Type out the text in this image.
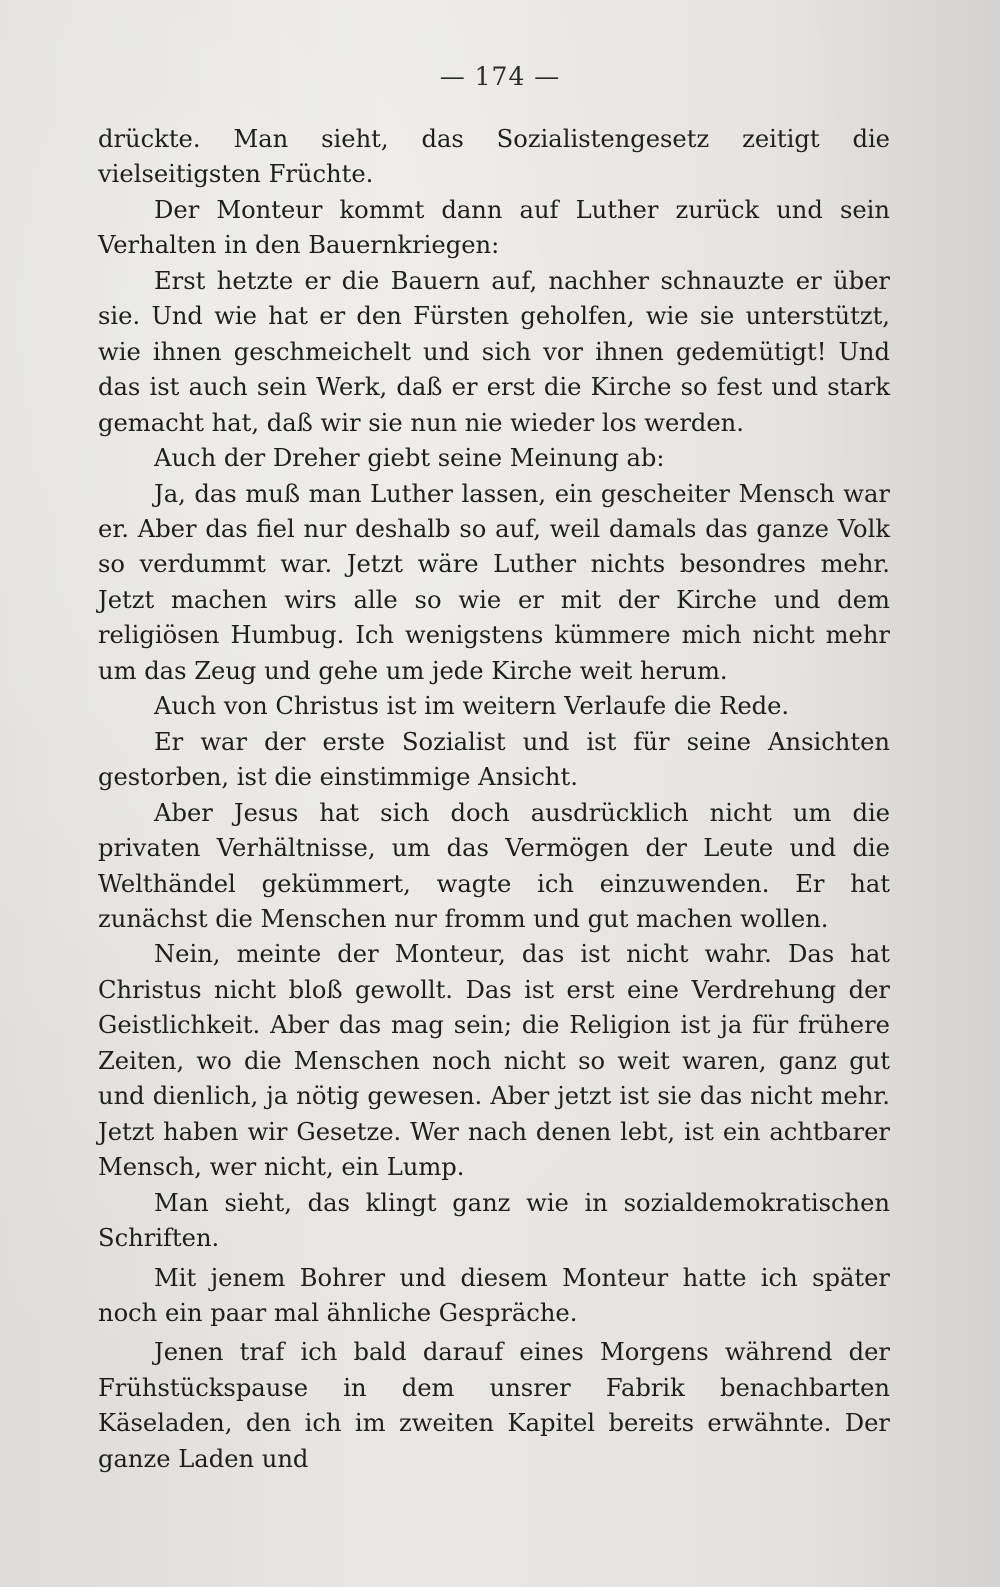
— 174 —

drückte. Man sieht, das Sozialistengesetz zeitigt die vielseitigsten Früchte.

Der Monteur kommt dann auf Luther zurück und sein Verhalten in den Bauernkriegen:

Erst hetzte er die Bauern auf, nachher schnauzte er über sie. Und wie hat er den Fürsten geholfen, wie sie unterstützt, wie ihnen geschmeichelt und sich vor ihnen gedemütigt! Und das ist auch sein Werk, daß er erst die Kirche so fest und stark gemacht hat, daß wir sie nun nie wieder los werden.

Auch der Dreher giebt seine Meinung ab:

Ja, das muß man Luther lassen, ein gescheiter Mensch war er. Aber das fiel nur deshalb so auf, weil damals das ganze Volk so verdummt war. Jetzt wäre Luther nichts besondres mehr. Jetzt machen wirs alle so wie er mit der Kirche und dem religiösen Humbug. Ich wenigstens kümmere mich nicht mehr um das Zeug und gehe um jede Kirche weit herum.

Auch von Christus ist im weitern Verlaufe die Rede.

Er war der erste Sozialist und ist für seine Ansichten gestorben, ist die einstimmige Ansicht.

Aber Jesus hat sich doch ausdrücklich nicht um die privaten Verhältnisse, um das Vermögen der Leute und die Welthändel gekümmert, wagte ich einzuwenden. Er hat zunächst die Menschen nur fromm und gut machen wollen.

Nein, meinte der Monteur, das ist nicht wahr. Das hat Christus nicht bloß gewollt. Das ist erst eine Verdrehung der Geistlichkeit. Aber das mag sein; die Religion ist ja für frühere Zeiten, wo die Menschen noch nicht so weit waren, ganz gut und dienlich, ja nötig gewesen. Aber jetzt ist sie das nicht mehr. Jetzt haben wir Gesetze. Wer nach denen lebt, ist ein achtbarer Mensch, wer nicht, ein Lump.

Man sieht, das klingt ganz wie in sozialdemokratischen Schriften.

Mit jenem Bohrer und diesem Monteur hatte ich später noch ein paar mal ähnliche Gespräche.

Jenen traf ich bald darauf eines Morgens während der Frühstückspause in dem unsrer Fabrik benachbarten Käseladen, den ich im zweiten Kapitel bereits erwähnte. Der ganze Laden und
